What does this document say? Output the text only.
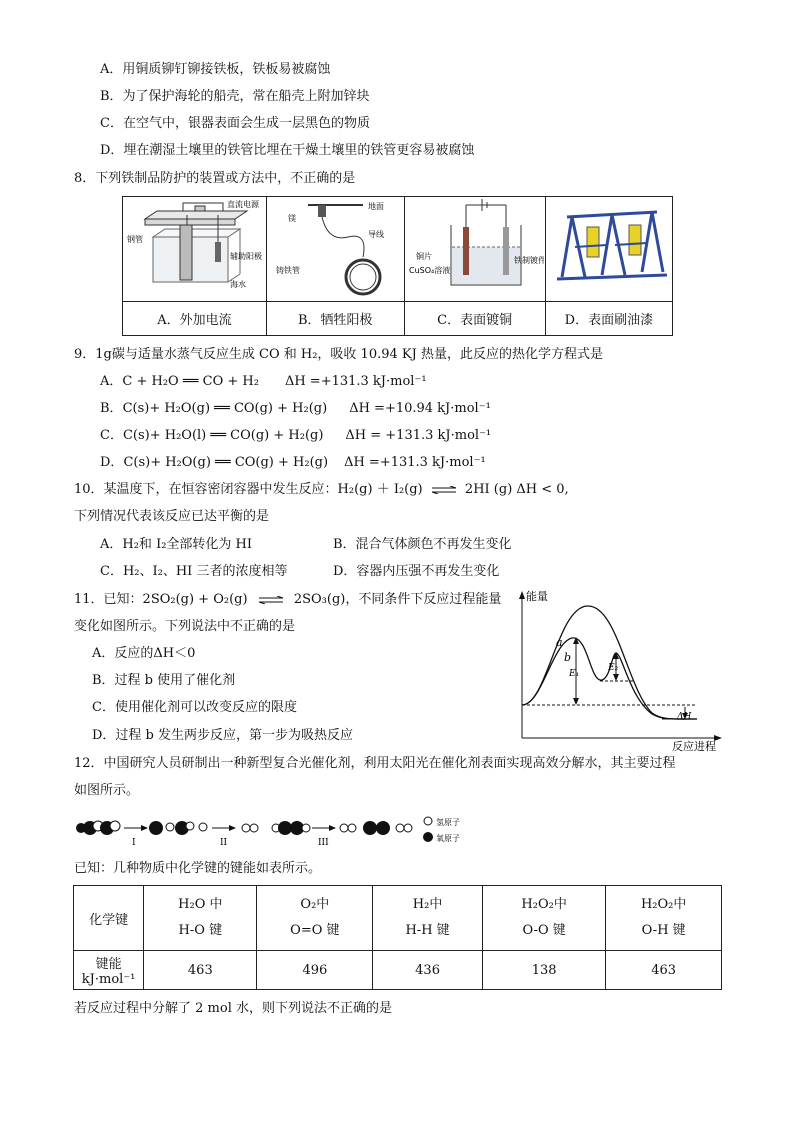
A．用铜质铆钉铆接铁板，铁板易被腐蚀
B．为了保护海轮的船壳，常在船壳上附加锌块
C．在空气中，银器表面会生成一层黑色的物质
D．埋在潮湿土壤里的铁管比埋在干燥土壤里的铁管更容易被腐蚀
8．下列铁制品防护的装置或方法中，不正确的是
直流电源
钢管
辅助阳极
海水	镁
地面
导线
铸铁管	铜片
CuSO₄溶液
铁制镀件

A．外加电流	B．牺牲阳极	C．表面镀铜	D．表面刷油漆
9．1g碳与适量水蒸气反应生成 CO 和 H₂，吸收 10.94 KJ 热量，此反应的热化学方程式是
A．C + H₂O ══ CO + H₂ ΔH =+131.3 kJ·mol⁻¹
B．C(s)+ H₂O(g) ══ CO(g) + H₂(g) ΔH =+10.94 kJ·mol⁻¹
C．C(s)+ H₂O(l) ══ CO(g) + H₂(g) ΔH = +131.3 kJ·mol⁻¹
D．C(s)+ H₂O(g) ══ CO(g) + H₂(g) ΔH =+131.3 kJ·mol⁻¹
10．某温度下，在恒容密闭容器中发生反应：H₂(g) ＋ I₂(g) ⇌ 2HI (g) ΔH < 0,
下列情况代表该反应已达平衡的是
A．H₂和 I₂全部转化为 HI	B．混合气体颜色不再发生变化
C．H₂、I₂、HI 三者的浓度相等	D．容器内压强不再发生变化
11．已知：2SO₂(g) + O₂(g) ⇌ 2SO₃(g)，不同条件下反应过程能量
变化如图所示。下列说法中不正确的是
A．反应的ΔH＜0
B．过程 b 使用了催化剂
C．使用催化剂可以改变反应的限度
D．过程 b 发生两步反应，第一步为吸热反应
能量
反应进程
a
b
E₁
E₂
ΔH
12．中国研究人员研制出一种新型复合光催化剂，利用太阳光在催化剂表面实现高效分解水，其主要过程
如图所示。
I	II	III
氢原子
氧原子
已知：几种物质中化学键的键能如表所示。
化学键	H₂O 中 H-O 键	O₂中 O=O 键	H₂中 H-H 键	H₂O₂中 O-O 键	H₂O₂中 O-H 键
键能 kJ·mol⁻¹	463	496	436	138	463
若反应过程中分解了 2 mol 水，则下列说法不正确的是
